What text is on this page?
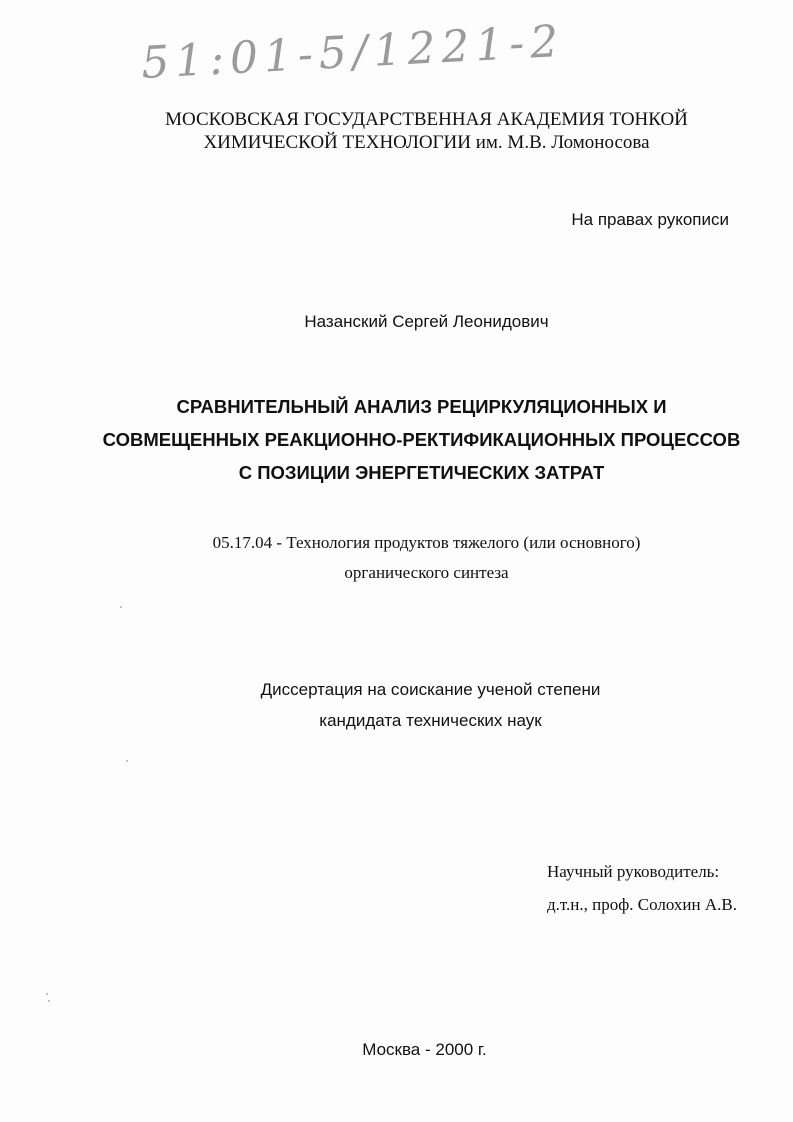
51:01-5/1221-2
МОСКОВСКАЯ ГОСУДАРСТВЕННАЯ АКАДЕМИЯ ТОНКОЙ
ХИМИЧЕСКОЙ ТЕХНОЛОГИИ им. М.В. Ломоносова
На правах рукописи
Назанский Сергей Леонидович
СРАВНИТЕЛЬНЫЙ АНАЛИЗ РЕЦИРКУЛЯЦИОННЫХ И
СОВМЕЩЕННЫХ РЕАКЦИОННО-РЕКТИФИКАЦИОННЫХ ПРОЦЕССОВ
С ПОЗИЦИИ ЭНЕРГЕТИЧЕСКИХ ЗАТРАТ
05.17.04 - Технология продуктов тяжелого (или основного)
органического синтеза
Диссертация на соискание ученой степени
кандидата технических наук
Научный руководитель:
д.т.н., проф. Солохин А.В.
Москва - 2000 г.
